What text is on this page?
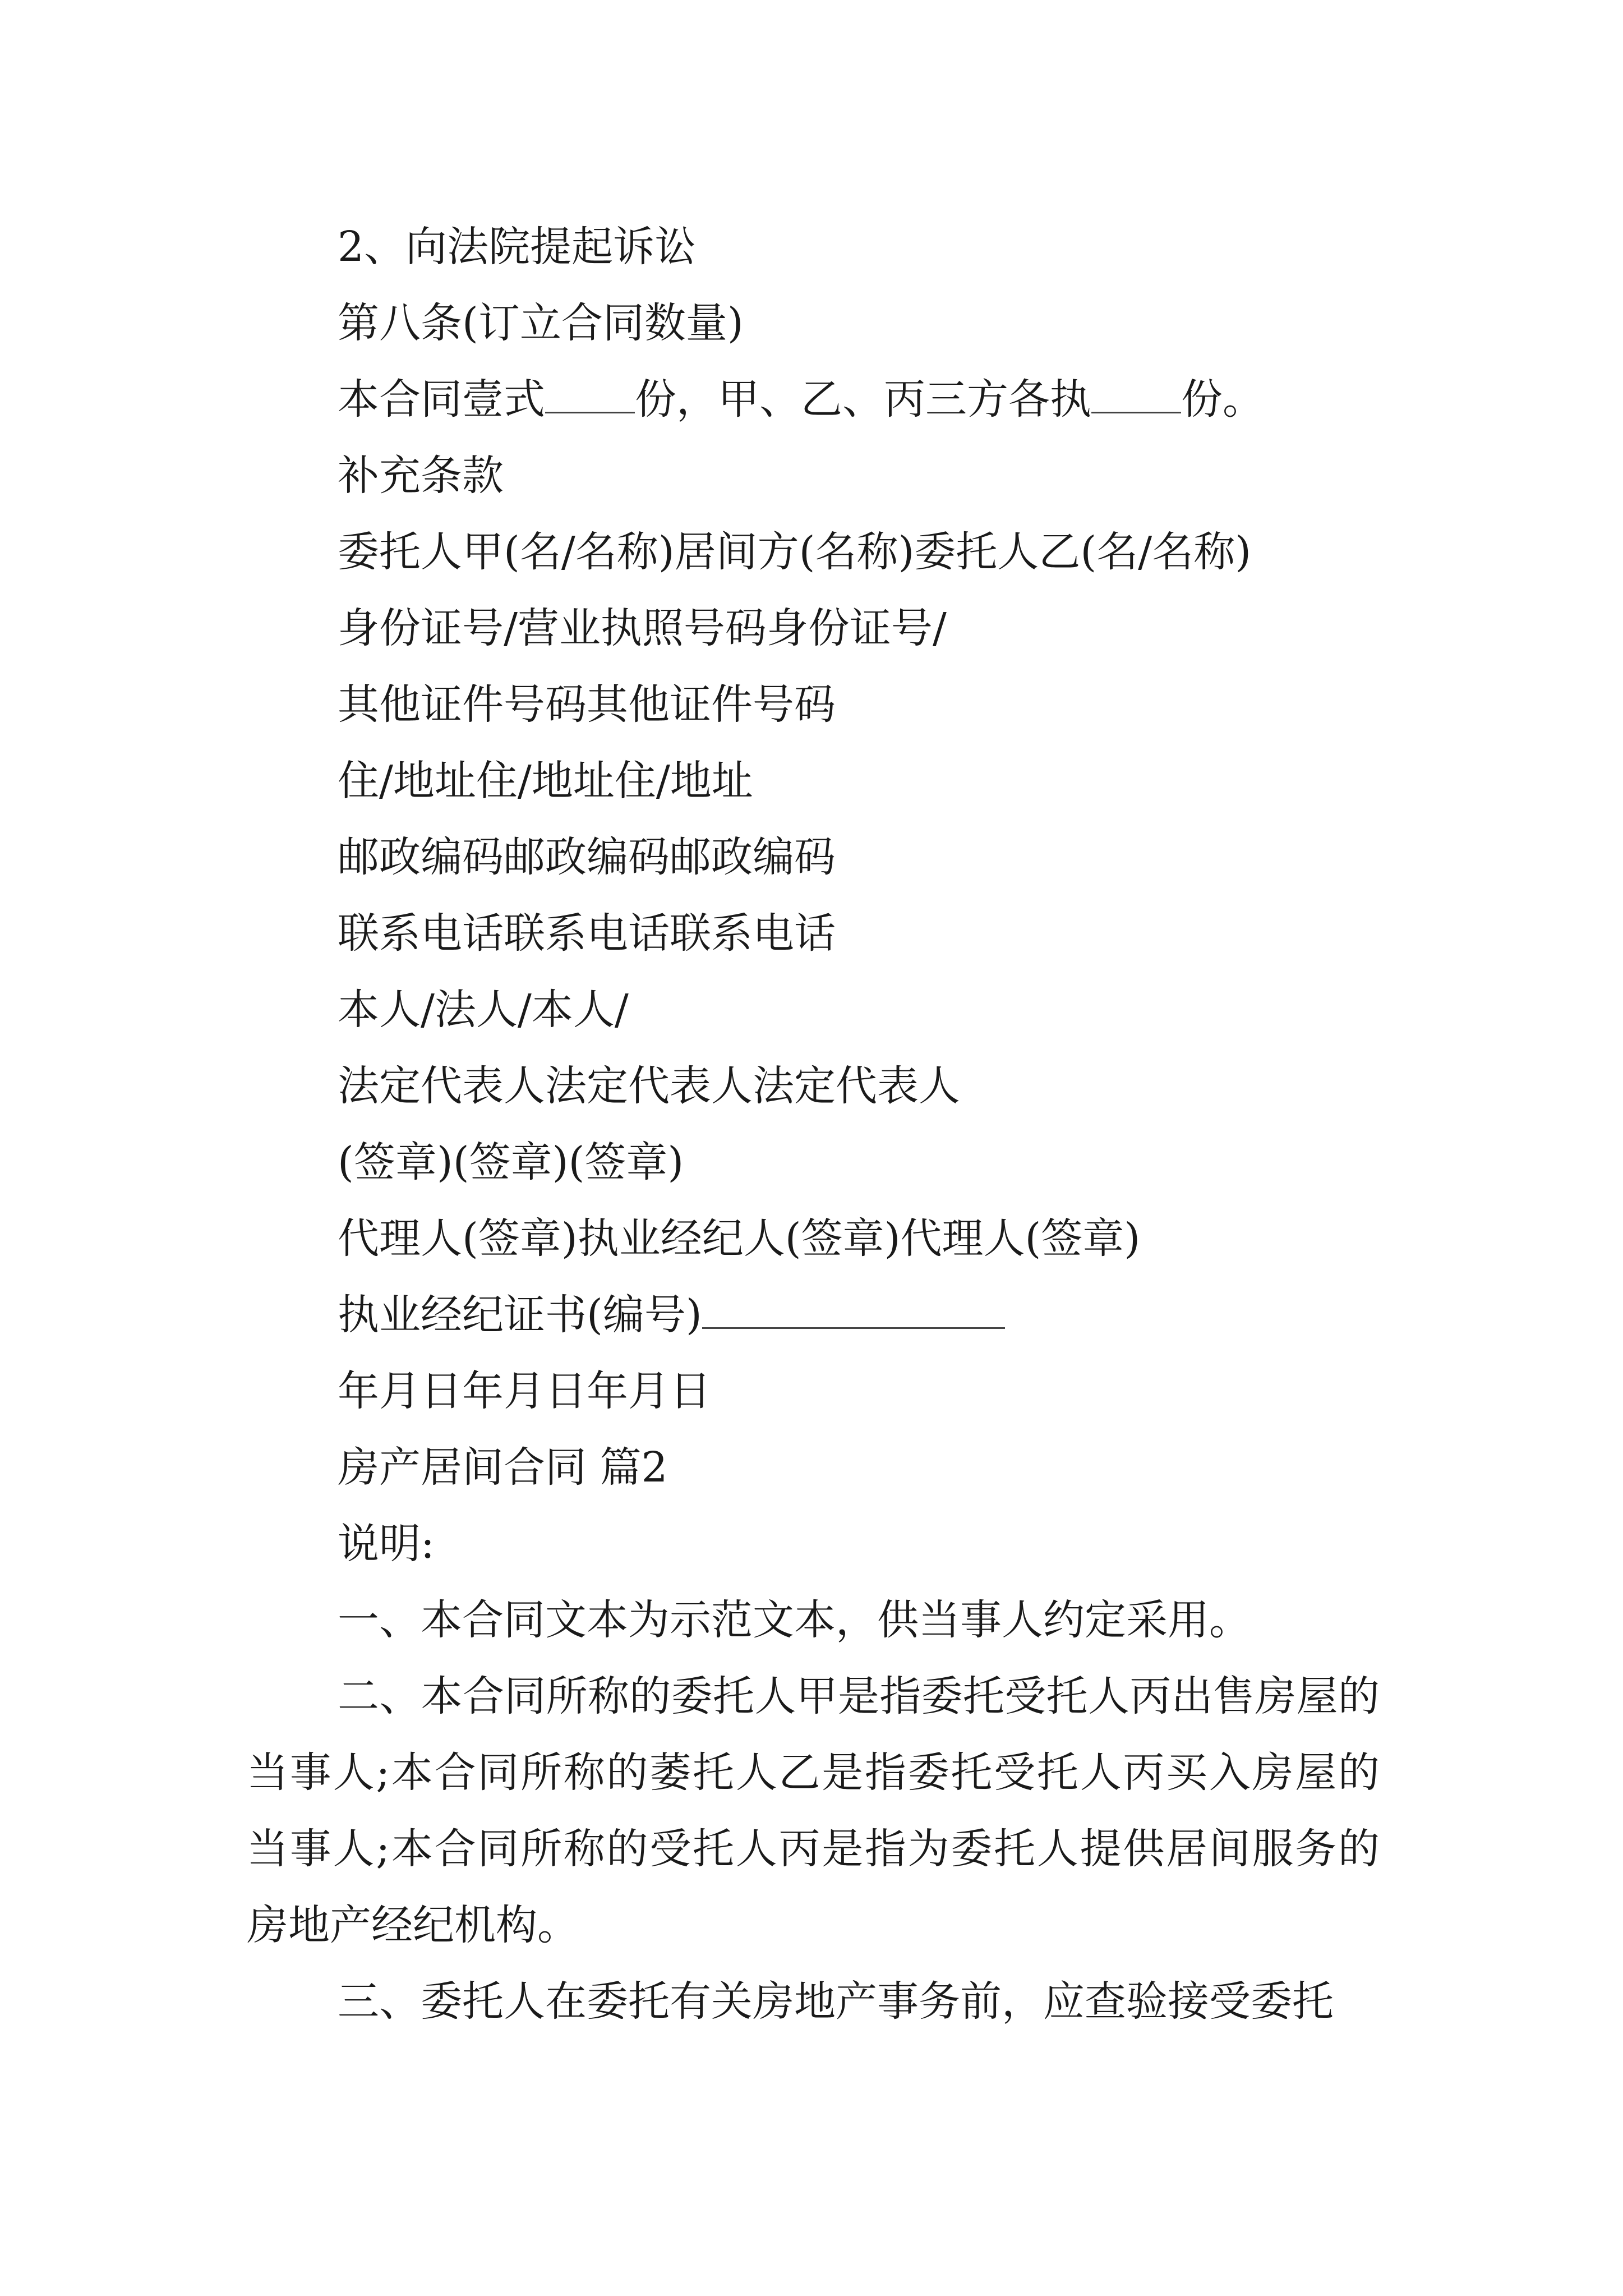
2、向法院提起诉讼
第八条(订立合同数量)
本合同壹式 份，甲、乙、丙三方各执 份。
补充条款
委托人甲(名/名称)居间方(名称)委托人乙(名/名称)
身份证号/营业执照号码身份证号/
其他证件号码其他证件号码
住/地址住/地址住/地址
邮政编码邮政编码邮政编码
联系电话联系电话联系电话
本人/法人/本人/
法定代表人法定代表人法定代表人
(签章)(签章)(签章)
代理人(签章)执业经纪人(签章)代理人(签章)
执业经纪证书(编号)
年月日年月日年月日
房产居间合同 篇2
说明:
一、本合同文本为示范文本，供当事人约定采用。
二、本合同所称的委托人甲是指委托受托人丙出售房屋的当事人;本合同所称的萎托人乙是指委托受托人丙买入房屋的当事人;本合同所称的受托人丙是指为委托人提供居间服务的房地产经纪机构。
三、委托人在委托有关房地产事务前，应查验接受委托
